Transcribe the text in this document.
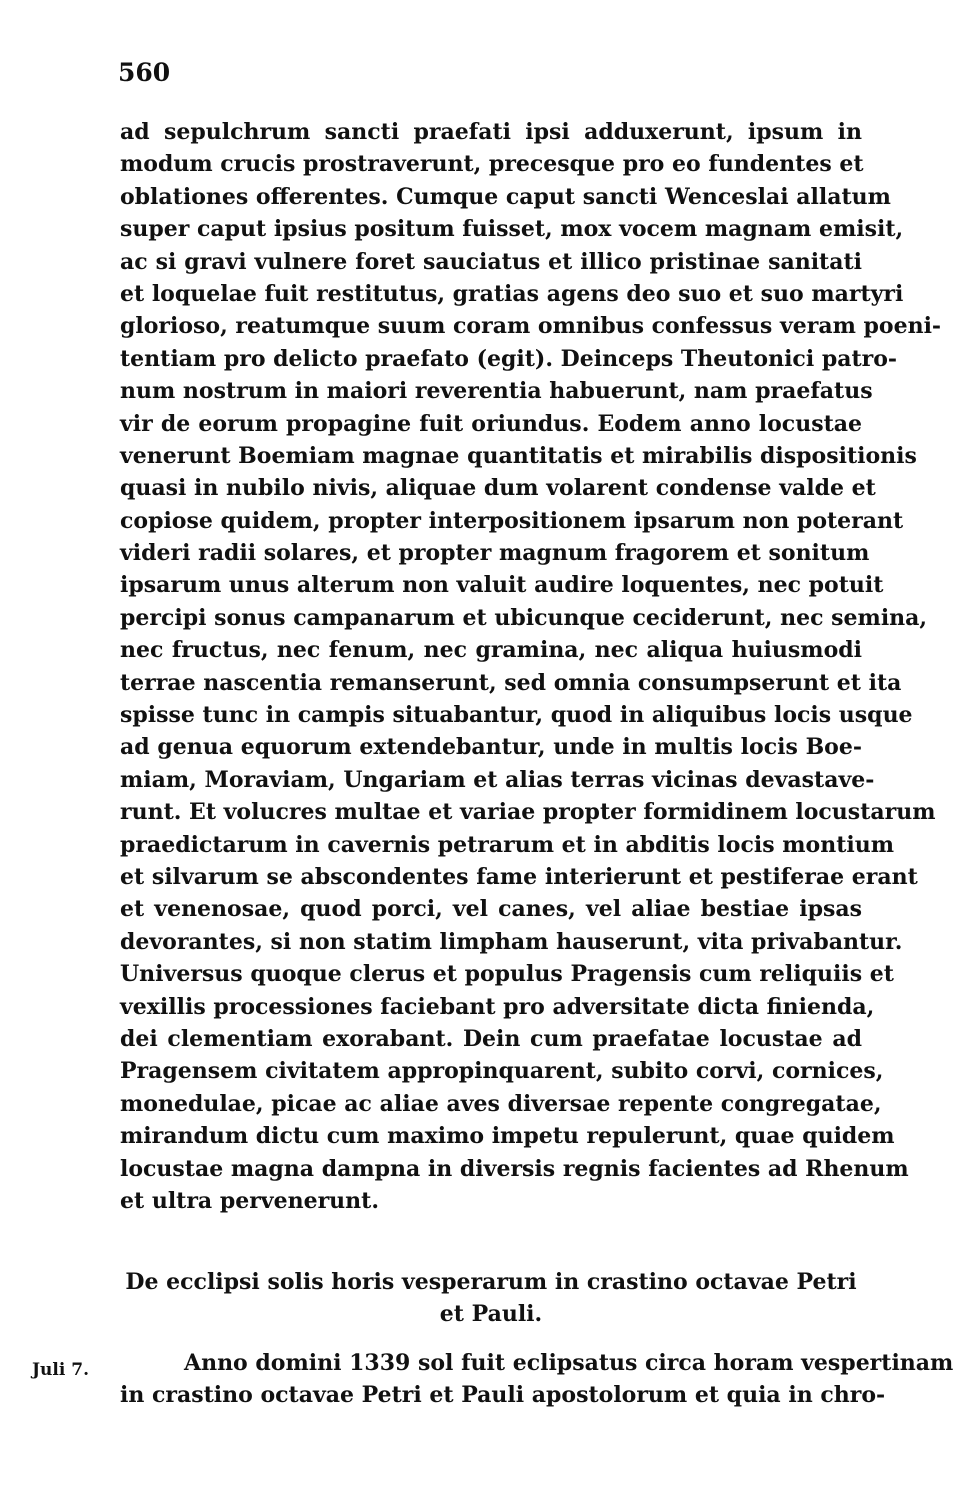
560
ad sepulchrum sancti praefati ipsi adduxerunt, ipsum in
modum crucis prostraverunt, precesque pro eo fundentes et
oblationes offerentes. Cumque caput sancti Wenceslai allatum
super caput ipsius positum fuisset, mox vocem magnam emisit,
ac si gravi vulnere foret sauciatus et illico pristinae sanitati
et loquelae fuit restitutus, gratias agens deo suo et suo martyri
glorioso, reatumque suum coram omnibus confessus veram poeni-
tentiam pro delicto praefato (egit). Deinceps Theutonici patro-
num nostrum in maiori reverentia habuerunt, nam praefatus
vir de eorum propagine fuit oriundus. Eodem anno locustae
venerunt Boemiam magnae quantitatis et mirabilis dispositionis
quasi in nubilo nivis, aliquae dum volarent condense valde et
copiose quidem, propter interpositionem ipsarum non poterant
videri radii solares, et propter magnum fragorem et sonitum
ipsarum unus alterum non valuit audire loquentes, nec potuit
percipi sonus campanarum et ubicunque ceciderunt, nec semina,
nec fructus, nec fenum, nec gramina, nec aliqua huiusmodi
terrae nascentia remanserunt, sed omnia consumpserunt et ita
spisse tunc in campis situabantur, quod in aliquibus locis usque
ad genua equorum extendebantur, unde in multis locis Boe-
miam, Moraviam, Ungariam et alias terras vicinas devastave-
runt. Et volucres multae et variae propter formidinem locustarum
praedictarum in cavernis petrarum et in abditis locis montium
et silvarum se abscondentes fame interierunt et pestiferae erant
et venenosae, quod porci, vel canes, vel aliae bestiae ipsas
devorantes, si non statim limpham hauserunt, vita privabantur.
Universus quoque clerus et populus Pragensis cum reliquiis et
vexillis processiones faciebant pro adversitate dicta finienda,
dei clementiam exorabant. Dein cum praefatae locustae ad
Pragensem civitatem appropinquarent, subito corvi, cornices,
monedulae, picae ac aliae aves diversae repente congregatae,
mirandum dictu cum maximo impetu repulerunt, quae quidem
locustae magna dampna in diversis regnis facientes ad Rhenum
et ultra pervenerunt.
De ecclipsi solis horis vesperarum in crastino octavae Petri
et Pauli.
Juli 7.	Anno domini 1339 sol fuit eclipsatus circa horam vespertinam
in crastino octavae Petri et Pauli apostolorum et quia in chro-
